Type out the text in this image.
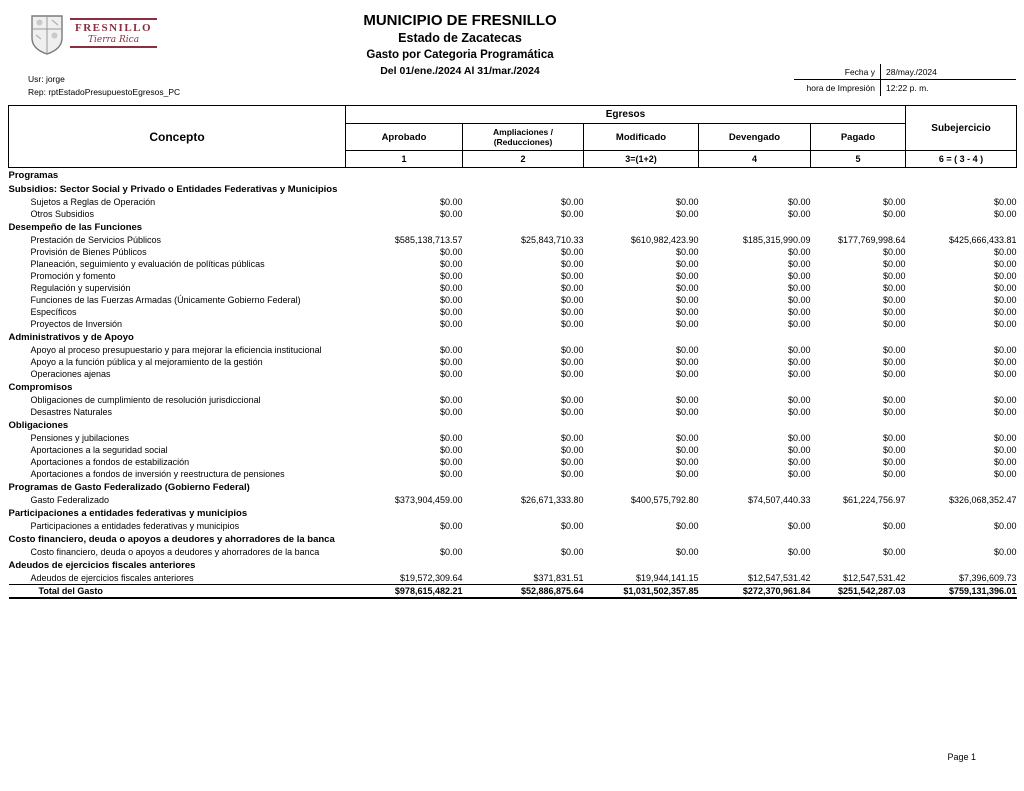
FRESNILLO
Tierra Rica
Usr: jorge
Rep: rptEstadoPresupuestoEgresos_PC
MUNICIPIO DE FRESNILLO
Estado de Zacatecas
Gasto por Categoria Programática
Del 01/ene./2024 Al 31/mar./2024	Fecha y	28/may./2024
hora de Impresión	12:22 p. m.
Concepto	Egresos					Subejercicio
	Aprobado	Ampliaciones / (Reducciones)	Modificado	Devengado	Pagado	
	1	2	3=(1+2)	4	5	6 = ( 3 - 4 )
Programas						
Subsidios: Sector Social y Privado o Entidades Federativas y Municipios						
Sujetos a Reglas de Operación	$0.00	$0.00	$0.00	$0.00	$0.00	$0.00
Otros Subsidios	$0.00	$0.00	$0.00	$0.00	$0.00	$0.00
Desempeño de las Funciones						
Prestación de Servicios Públicos	$585,138,713.57	$25,843,710.33	$610,982,423.90	$185,315,990.09	$177,769,998.64	$425,666,433.81
Provisión de Bienes Públicos	$0.00	$0.00	$0.00	$0.00	$0.00	$0.00
Planeación, seguimiento y evaluación de políticas públicas	$0.00	$0.00	$0.00	$0.00	$0.00	$0.00
Promoción y fomento	$0.00	$0.00	$0.00	$0.00	$0.00	$0.00
Regulación y supervisión	$0.00	$0.00	$0.00	$0.00	$0.00	$0.00
Funciones de las Fuerzas Armadas (Únicamente Gobierno Federal)	$0.00	$0.00	$0.00	$0.00	$0.00	$0.00
Específicos	$0.00	$0.00	$0.00	$0.00	$0.00	$0.00
Proyectos de Inversión	$0.00	$0.00	$0.00	$0.00	$0.00	$0.00
Administrativos y de Apoyo						
Apoyo al proceso presupuestario y para mejorar la eficiencia institucional	$0.00	$0.00	$0.00	$0.00	$0.00	$0.00
Apoyo a la función pública y al mejoramiento de la gestión	$0.00	$0.00	$0.00	$0.00	$0.00	$0.00
Operaciones ajenas	$0.00	$0.00	$0.00	$0.00	$0.00	$0.00
Compromisos						
Obligaciones de cumplimiento de resolución jurisdiccional	$0.00	$0.00	$0.00	$0.00	$0.00	$0.00
Desastres Naturales	$0.00	$0.00	$0.00	$0.00	$0.00	$0.00
Obligaciones						
Pensiones y jubilaciones	$0.00	$0.00	$0.00	$0.00	$0.00	$0.00
Aportaciones a la seguridad social	$0.00	$0.00	$0.00	$0.00	$0.00	$0.00
Aportaciones a fondos de estabilización	$0.00	$0.00	$0.00	$0.00	$0.00	$0.00
Aportaciones a fondos de inversión y reestructura de pensiones	$0.00	$0.00	$0.00	$0.00	$0.00	$0.00
Programas de Gasto Federalizado (Gobierno Federal)						
Gasto Federalizado	$373,904,459.00	$26,671,333.80	$400,575,792.80	$74,507,440.33	$61,224,756.97	$326,068,352.47
Participaciones a entidades federativas y municipios						
Participaciones a entidades federativas y municipios	$0.00	$0.00	$0.00	$0.00	$0.00	$0.00
Costo financiero, deuda o apoyos a deudores y ahorradores de la banca						
Costo financiero, deuda o apoyos a deudores y ahorradores de la banca	$0.00	$0.00	$0.00	$0.00	$0.00	$0.00
Adeudos de ejercicios fiscales anteriores						
Adeudos de ejercicios fiscales anteriores	$19,572,309.64	$371,831.51	$19,944,141.15	$12,547,531.42	$12,547,531.42	$7,396,609.73
Total del Gasto	$978,615,482.21	$52,886,875.64	$1,031,502,357.85	$272,370,961.84	$251,542,287.03	$759,131,396.01
Page 1
